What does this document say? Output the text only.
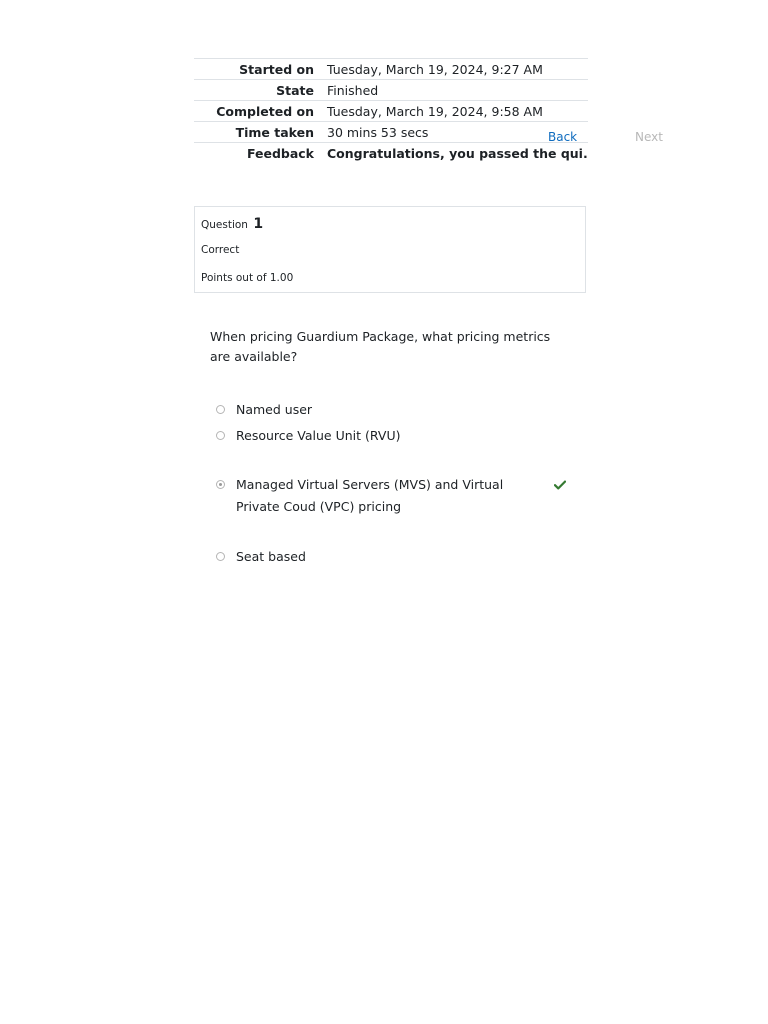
Started on	Tuesday, March 19, 2024, 9:27 AM
State	Finished
Completed on	Tuesday, March 19, 2024, 9:58 AM
Time taken	30 mins 53 secs
Feedback	Congratulations, you passed the qui.
Back	Next
Question 1
Correct
Points out of 1.00
When pricing Guardium Package, what pricing metrics are available?
Named user
Resource Value Unit (RVU)
Managed Virtual Servers (MVS) and Virtual Private Coud (VPC) pricing
Seat based
